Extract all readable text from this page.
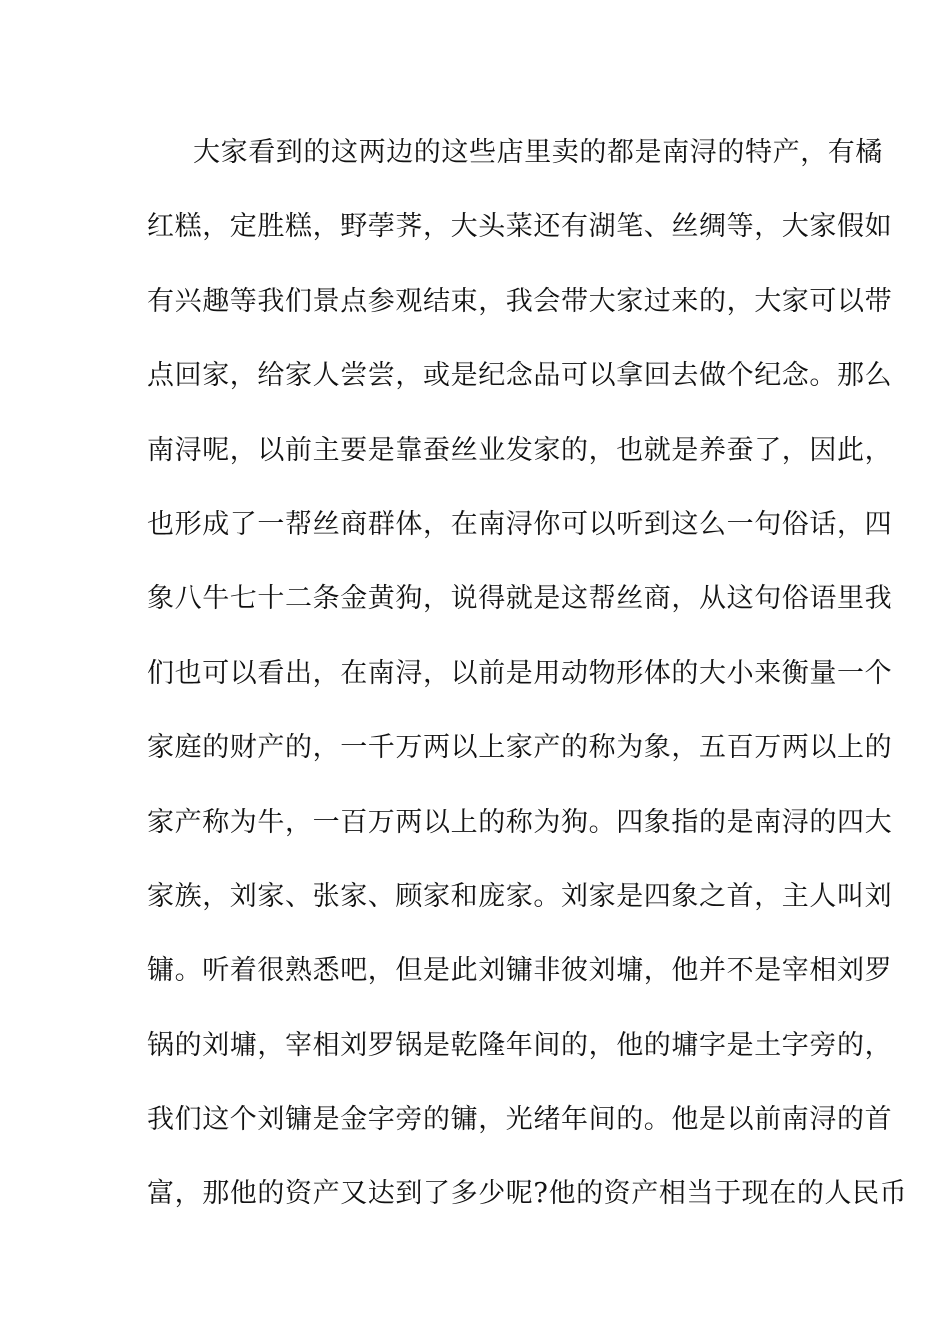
大家看到的这两边的这些店里卖的都是南浔的特产，有橘
红糕，定胜糕，野荸荠，大头菜还有湖笔、丝绸等，大家假如
有兴趣等我们景点参观结束，我会带大家过来的，大家可以带
点回家，给家人尝尝，或是纪念品可以拿回去做个纪念。那么
南浔呢，以前主要是靠蚕丝业发家的，也就是养蚕了，因此，
也形成了一帮丝商群体，在南浔你可以听到这么一句俗话，四
象八牛七十二条金黄狗，说得就是这帮丝商，从这句俗语里我
们也可以看出，在南浔，以前是用动物形体的大小来衡量一个
家庭的财产的，一千万两以上家产的称为象，五百万两以上的
家产称为牛，一百万两以上的称为狗。四象指的是南浔的四大
家族，刘家、张家、顾家和庞家。刘家是四象之首，主人叫刘
镛。听着很熟悉吧，但是此刘镛非彼刘墉，他并不是宰相刘罗
锅的刘墉，宰相刘罗锅是乾隆年间的，他的墉字是土字旁的，
我们这个刘镛是金字旁的镛，光绪年间的。他是以前南浔的首
富，那他的资产又达到了多少呢?他的资产相当于现在的人民币
